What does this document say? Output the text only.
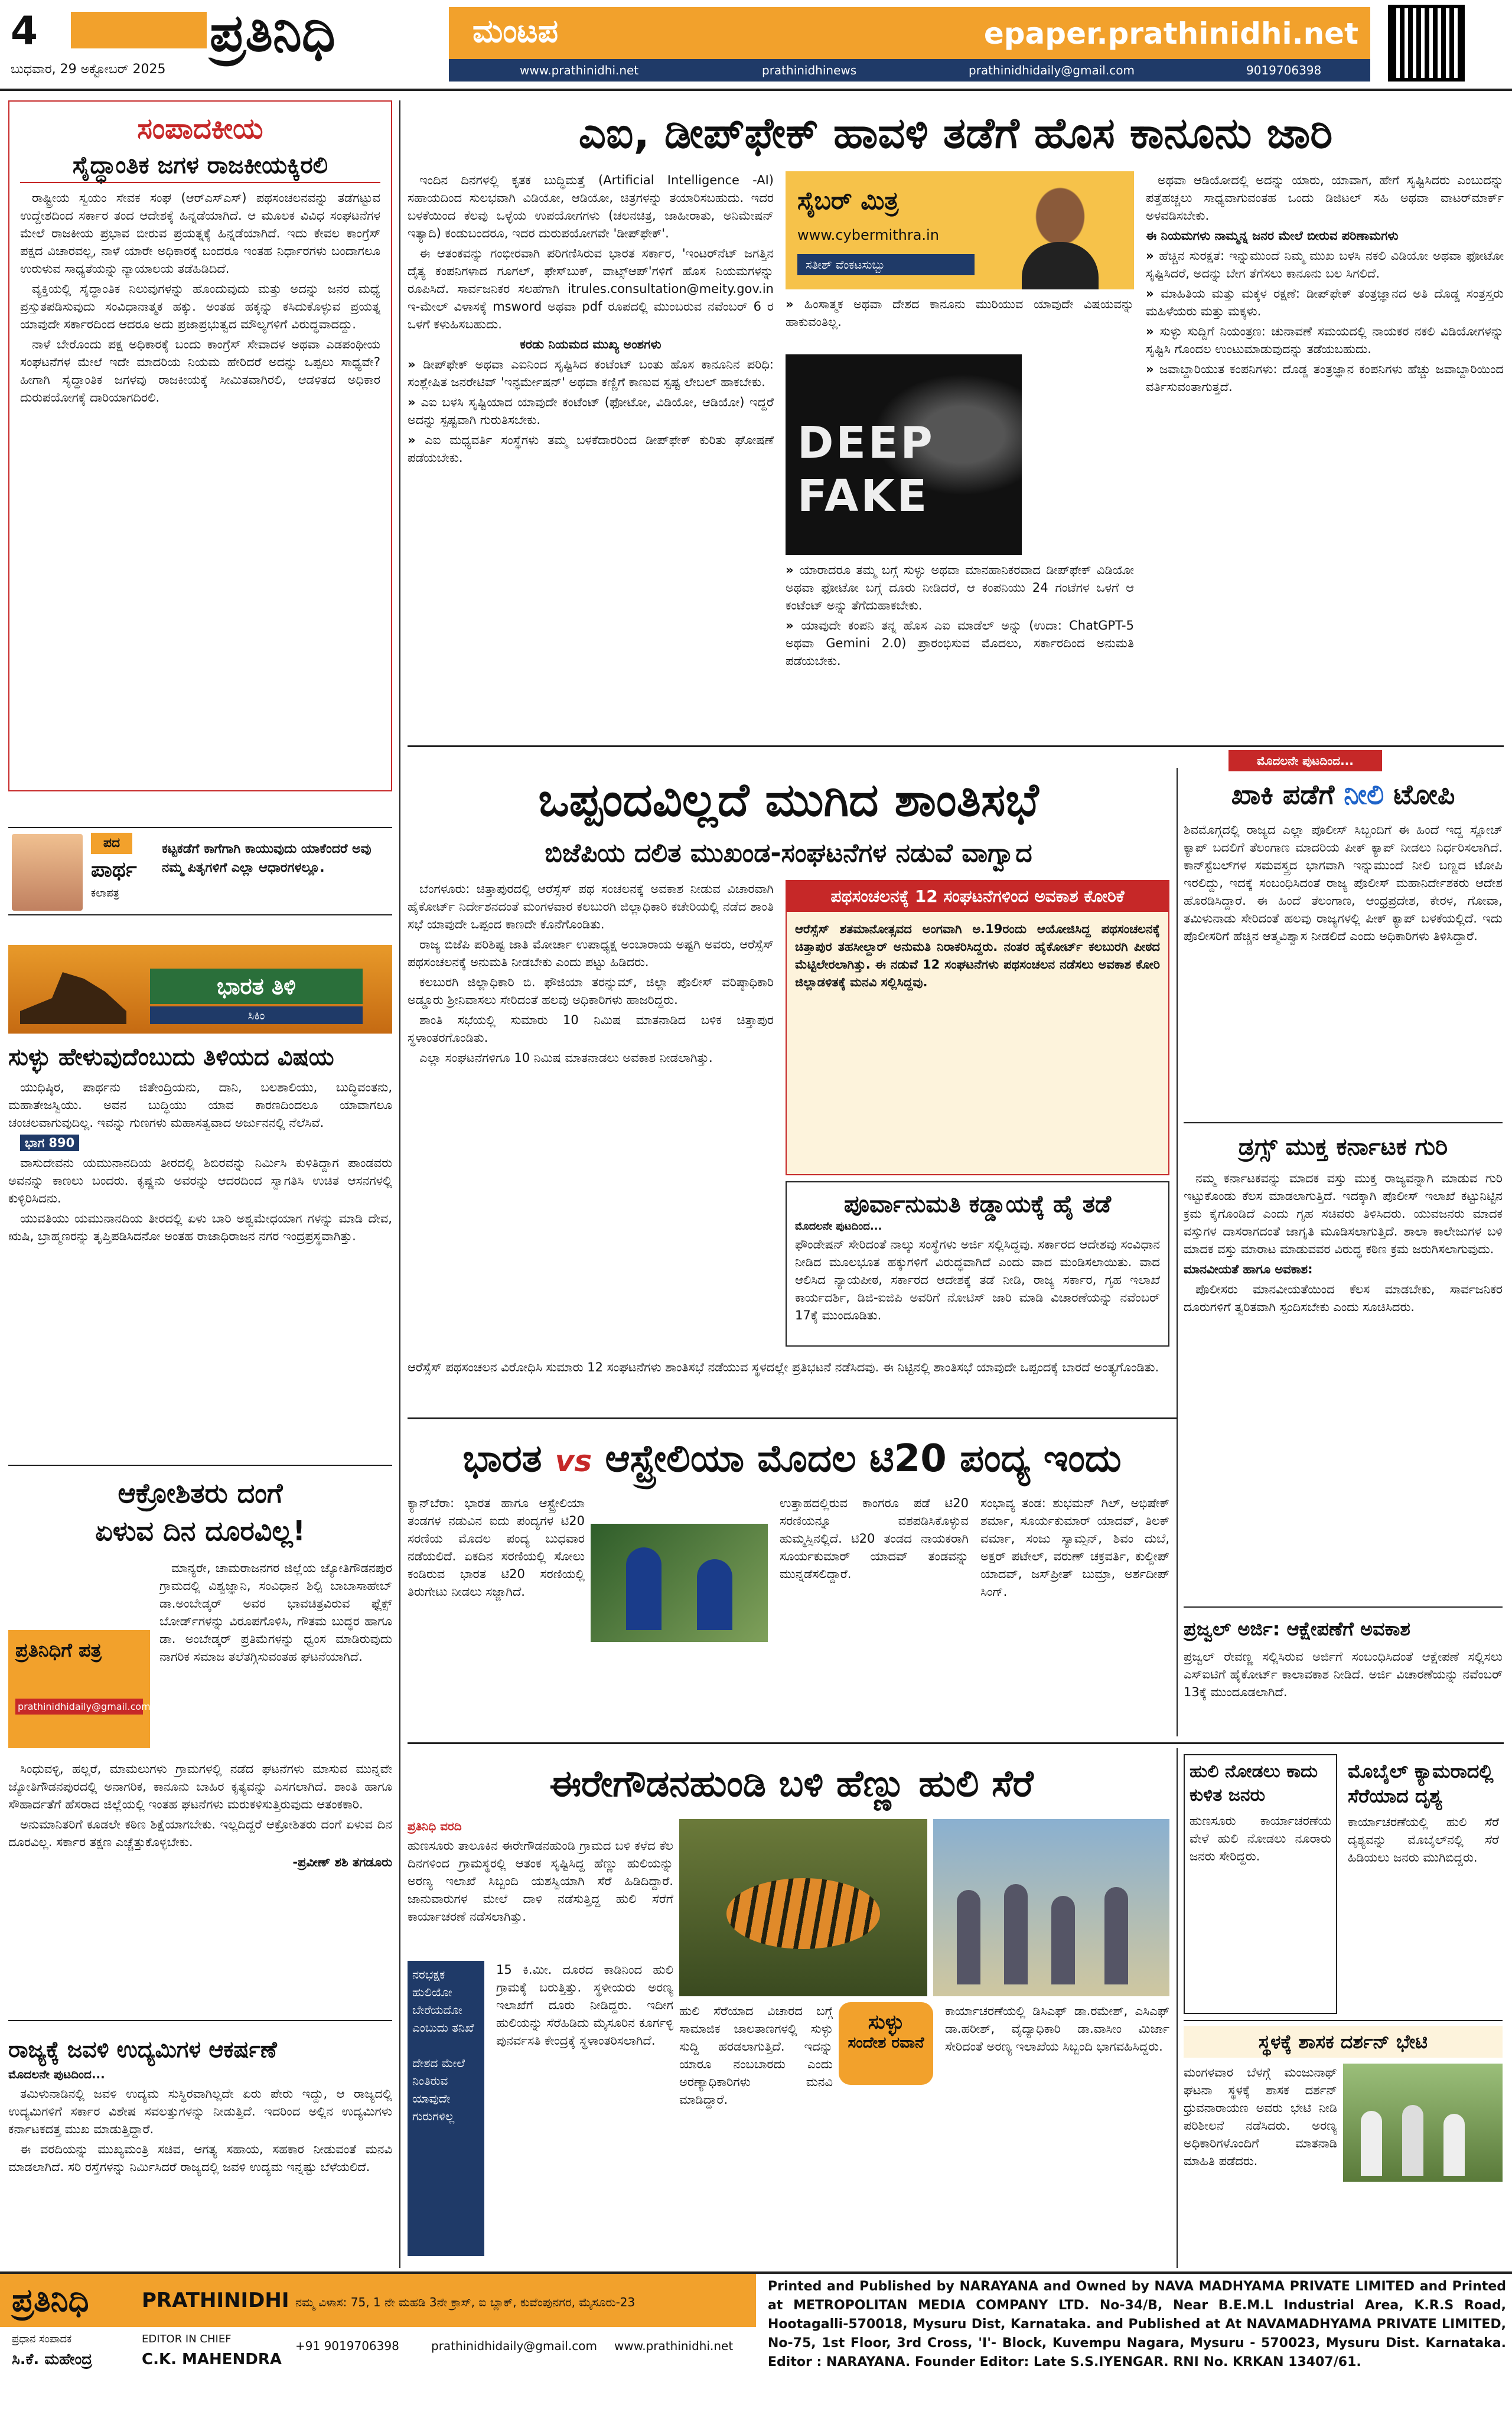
4	ಪ್ರತಿನಿಧಿ	ಮಂಟಪ	epaper.prathinidhi.net
ಬುಧವಾರ, 29 ಅಕ್ಟೋಬರ್ 2025	www.prathinidhi.net	prathinidhinews	prathinidhidaily@gmail.com	9019706398
ಸಂಪಾದಕೀಯ
ಸೈದ್ಧಾಂತಿಕ ಜಗಳ ರಾಜಕೀಯಕ್ಕಿರಲಿ

ರಾಷ್ಟ್ರೀಯ ಸ್ವಯಂ ಸೇವಕ ಸಂಘ (ಆರ್‌ಎಸ್‌ಎಸ್) ಪಥಸಂಚಲನವನ್ನು ತಡೆಗಟ್ಟುವ ಉದ್ದೇಶದಿಂದ ಸರ್ಕಾರ ತಂದ ಆದೇಶಕ್ಕೆ ಹಿನ್ನಡೆಯಾಗಿದೆ. ಆ ಮೂಲಕ ವಿವಿಧ ಸಂಘಟನೆಗಳ ಮೇಲೆ ರಾಜಕೀಯ ಪ್ರಭಾವ ಬೀರುವ ಪ್ರಯತ್ನಕ್ಕೆ ಹಿನ್ನಡೆಯಾಗಿದೆ. ಇದು ಕೇವಲ ಕಾಂಗ್ರೆಸ್ ಪಕ್ಷದ ವಿಚಾರವಲ್ಲ, ನಾಳೆ ಯಾರೇ ಅಧಿಕಾರಕ್ಕೆ ಬಂದರೂ ಇಂತಹ ನಿರ್ಧಾರಗಳು ಬಂದಾಗಲೂ ಉರುಳುವ ಸಾಧ್ಯತೆಯನ್ನು ನ್ಯಾಯಾಲಯ ತಡೆಹಿಡಿದಿದೆ.

ವ್ಯಕ್ತಿಯಲ್ಲಿ ಸೈದ್ಧಾಂತಿಕ ನಿಲುವುಗಳನ್ನು ಹೊಂದುವುದು ಮತ್ತು ಅದನ್ನು ಜನರ ಮಧ್ಯೆ ಪ್ರಸ್ತುತಪಡಿಸುವುದು ಸಂವಿಧಾನಾತ್ಮಕ ಹಕ್ಕು. ಅಂತಹ ಹಕ್ಕನ್ನು ಕಸಿದುಕೊಳ್ಳುವ ಪ್ರಯತ್ನ ಯಾವುದೇ ಸರ್ಕಾರದಿಂದ ಆದರೂ ಅದು ಪ್ರಜಾಪ್ರಭುತ್ವದ ಮೌಲ್ಯಗಳಿಗೆ ವಿರುದ್ಧವಾದದ್ದು.

ನಾಳೆ ಬೇರೊಂದು ಪಕ್ಷ ಅಧಿಕಾರಕ್ಕೆ ಬಂದು ಕಾಂಗ್ರೆಸ್ ಸೇವಾದಳ ಅಥವಾ ಎಡಪಂಥೀಯ ಸಂಘಟನೆಗಳ ಮೇಲೆ ಇದೇ ಮಾದರಿಯ ನಿಯಮ ಹೇರಿದರೆ ಅದನ್ನು ಒಪ್ಪಲು ಸಾಧ್ಯವೇ? ಹೀಗಾಗಿ ಸೈದ್ಧಾಂತಿಕ ಜಗಳವು ರಾಜಕೀಯಕ್ಕೆ ಸೀಮಿತವಾಗಿರಲಿ, ಆಡಳಿತದ ಅಧಿಕಾರ ದುರುಪಯೋಗಕ್ಕೆ ದಾರಿಯಾಗದಿರಲಿ.

ಪದ
ಪಾರ್ಥ
ಕಲಾಪತ್ರ
ಕಟ್ಟಕಡೆಗೆ ಕಾಗೆಗಾಗಿ ಕಾಯುವುದು ಯಾಕೆಂದರೆ ಅವು ನಮ್ಮ ಪಿತೃಗಳಿಗೆ ಎಲ್ಲಾ ಆಧಾರಗಳಲ್ಲೂ.
ಭಾರತ ತಿಳಿ
ಸಿಕಿಂ
ಸುಳ್ಳು ಹೇಳುವುದೆಂಬುದು ತಿಳಿಯದ ವಿಷಯ

ಯುಧಿಷ್ಠಿರ, ಪಾರ್ಥನು ಜಿತೇಂದ್ರಿಯನು, ದಾನಿ, ಬಲಶಾಲಿಯು, ಬುದ್ಧಿವಂತನು, ಮಹಾತೇಜಸ್ವಿಯು. ಅವನ ಬುದ್ಧಿಯು ಯಾವ ಕಾರಣದಿಂದಲೂ ಯಾವಾಗಲೂ ಚಂಚಲವಾಗುವುದಿಲ್ಲ. ಇವನ್ನು ಗುಣಗಳು ಮಹಾಸತ್ವವಾದ ಅರ್ಜುನನಲ್ಲಿ ನೆಲೆಸಿವೆ.

ಭಾಗ 890

ವಾಸುದೇವನು ಯಮುನಾನದಿಯ ತೀರದಲ್ಲಿ ಶಿಬಿರವನ್ನು ನಿರ್ಮಿಸಿ ಕುಳಿತಿದ್ದಾಗ ಪಾಂಡವರು ಅವನನ್ನು ಕಾಣಲು ಬಂದರು. ಕೃಷ್ಣನು ಅವರನ್ನು ಆದರದಿಂದ ಸ್ವಾಗತಿಸಿ ಉಚಿತ ಆಸನಗಳಲ್ಲಿ ಕುಳ್ಳಿರಿಸಿದನು.

ಯುವತಿಯು ಯಮುನಾನದಿಯ ತೀರದಲ್ಲಿ ಏಳು ಬಾರಿ ಅಶ್ವಮೇಧಯಾಗ ಗಳನ್ನು ಮಾಡಿ ದೇವ, ಋಷಿ, ಬ್ರಾಹ್ಮಣರನ್ನು ತೃಪ್ತಿಪಡಿಸಿದನೋ ಅಂತಹ ರಾಜಾಧಿರಾಜನ ನಗರ ಇಂದ್ರಪ್ರಸ್ಥವಾಗಿತ್ತು.

ಆಕ್ರೋಶಿತರು ದಂಗೆ
ಏಳುವ ದಿನ ದೂರವಿಲ್ಲ!
ಪ್ರತಿನಿಧಿಗೆ ಪತ್ರ
prathinidhidaily@gmail.com

ಮಾನ್ಯರೇ, ಚಾಮರಾಜನಗರ ಜಿಲ್ಲೆಯ ಜ್ಯೋತಿಗೌಡನಪುರ ಗ್ರಾಮದಲ್ಲಿ ವಿಶ್ವಜ್ಞಾನಿ, ಸಂವಿಧಾನ ಶಿಲ್ಪಿ ಬಾಬಾಸಾಹೇಬ್ ಡಾ.ಅಂಬೇಡ್ಕರ್ ಅವರ ಭಾವಚಿತ್ರವಿರುವ ಫ್ಲೆಕ್ಸ್ ಬೋರ್ಡ್‌ಗಳನ್ನು ವಿರೂಪಗೊಳಿಸಿ, ಗೌತಮ ಬುದ್ಧರ ಹಾಗೂ ಡಾ. ಅಂಬೇಡ್ಕರ್ ಪ್ರತಿಮೆಗಳನ್ನು ಧ್ವಂಸ ಮಾಡಿರುವುದು ನಾಗರಿಕ ಸಮಾಜ ತಲೆತಗ್ಗಿಸುವಂತಹ ಘಟನೆಯಾಗಿದೆ.

ಸಿಂಧುವಳ್ಳಿ, ಹಲ್ಲರೆ, ಮಾಮಲುಗಳು ಗ್ರಾಮಗಳಲ್ಲಿ ನಡೆದ ಘಟನೆಗಳು ಮಾಸುವ ಮುನ್ನವೇ ಜ್ಯೋತಿಗೌಡನಪುರದಲ್ಲಿ ಅನಾಗರಿಕ, ಕಾನೂನು ಬಾಹಿರ ಕೃತ್ಯವನ್ನು ಎಸಗಲಾಗಿದೆ. ಶಾಂತಿ ಹಾಗೂ ಸೌಹಾರ್ದತೆಗೆ ಹೆಸರಾದ ಜಿಲ್ಲೆಯಲ್ಲಿ ಇಂತಹ ಘಟನೆಗಳು ಮರುಕಳಿಸುತ್ತಿರುವುದು ಆತಂಕಕಾರಿ.

ಅನುಮಾನಿತರಿಗೆ ಕೂಡಲೇ ಕಠಿಣ ಶಿಕ್ಷೆಯಾಗಬೇಕು. ಇಲ್ಲದಿದ್ದರೆ ಆಕ್ರೋಶಿತರು ದಂಗೆ ಏಳುವ ದಿನ ದೂರವಿಲ್ಲ. ಸರ್ಕಾರ ತಕ್ಷಣ ಎಚ್ಚೆತ್ತುಕೊಳ್ಳಬೇಕು.

-ಪ್ರವೀಣ್ ಶಶಿ ತಗಡೂರು

ರಾಜ್ಯಕ್ಕೆ ಜವಳಿ ಉದ್ಯಮಿಗಳ ಆಕರ್ಷಣೆ
ಮೊದಲನೇ ಪುಟದಿಂದ...

ತಮಿಳುನಾಡಿನಲ್ಲಿ ಜವಳಿ ಉದ್ಯಮ ಸುಸ್ಥಿರವಾಗಿಲ್ಲದೇ ಏರು ಪೇರು ಇದ್ದು, ಆ ರಾಜ್ಯದಲ್ಲಿ ಉದ್ಯಮಿಗಳಿಗೆ ಸರ್ಕಾರ ವಿಶೇಷ ಸವಲತ್ತುಗಳನ್ನು ನೀಡುತ್ತಿದೆ. ಇದರಿಂದ ಅಲ್ಲಿನ ಉದ್ಯಮಿಗಳು ಕರ್ನಾಟಕದತ್ತ ಮುಖ ಮಾಡುತ್ತಿದ್ದಾರೆ.

ಈ ವರದಿಯನ್ನು ಮುಖ್ಯಮಂತ್ರಿ ಸಚಿವ, ಆಗತ್ಯ ಸಹಾಯ, ಸಹಕಾರ ನೀಡುವಂತೆ ಮನವಿ ಮಾಡಲಾಗಿದೆ. ಸರಿ ರಸ್ತೆಗಳನ್ನು ನಿರ್ಮಿಸಿದರೆ ರಾಜ್ಯದಲ್ಲಿ ಜವಳಿ ಉದ್ಯಮ ಇನ್ನಷ್ಟು ಬೆಳೆಯಲಿದೆ.

ಎಐ, ಡೀಪ್‌ಫೇಕ್ ಹಾವಳಿ ತಡೆಗೆ ಹೊಸ ಕಾನೂನು ಜಾರಿ

ಇಂದಿನ ದಿನಗಳಲ್ಲಿ ಕೃತಕ ಬುದ್ಧಿಮತ್ತೆ (Artificial Intelligence -AI) ಸಹಾಯದಿಂದ ಸುಲಭವಾಗಿ ವಿಡಿಯೋ, ಆಡಿಯೋ, ಚಿತ್ರಗಳನ್ನು ತಯಾರಿಸಬಹುದು. ಇದರ ಬಳಕೆಯಿಂದ ಕೆಲವು ಒಳ್ಳೆಯ ಉಪಯೋಗಗಳು (ಚಲನಚಿತ್ರ, ಜಾಹೀರಾತು, ಅನಿಮೇಷನ್ ಇತ್ಯಾದಿ) ಕಂಡುಬಂದರೂ, ಇದರ ದುರುಪಯೋಗವೇ 'ಡೀಪ್‌ಫೇಕ್'.

ಈ ಆತಂಕವನ್ನು ಗಂಭೀರವಾಗಿ ಪರಿಗಣಿಸಿರುವ ಭಾರತ ಸರ್ಕಾರ, 'ಇಂಟರ್‌ನೆಟ್ ಜಗತ್ತಿನ ದೈತ್ಯ ಕಂಪನಿಗಳಾದ ಗೂಗಲ್, ಫೇಸ್‌ಬುಕ್, ವಾಟ್ಸ್‌ಆಪ್'ಗಳಿಗೆ ಹೊಸ ನಿಯಮಗಳನ್ನು ರೂಪಿಸಿದೆ. ಸಾರ್ವಜನಿಕರ ಸಲಹೆಗಾಗಿ itrules.consultation@meity.gov.in ಇ-ಮೇಲ್ ವಿಳಾಸಕ್ಕೆ msword ಅಥವಾ pdf ರೂಪದಲ್ಲಿ ಮುಂಬರುವ ನವೆಂಬರ್ 6 ರ ಒಳಗೆ ಕಳುಹಿಸಬಹುದು.

ಕರಡು ನಿಯಮದ ಮುಖ್ಯ ಅಂಶಗಳು

» ಡೀಪ್‌ಫೇಕ್ ಅಥವಾ ಎಐನಿಂದ ಸೃಷ್ಟಿಸಿದ ಕಂಟೆಂಟ್ ಬಂತು ಹೊಸ ಕಾನೂನಿನ ಪರಿಧಿ: ಸಂಶ್ಲೇಷಿತ ಜನರೇಟಿವ್ 'ಇನ್ಫರ್ಮೇಷನ್' ಅಥವಾ ಕಣ್ಣಿಗೆ ಕಾಣುವ ಸ್ಪಷ್ಟ ಲೇಬಲ್ ಹಾಕಬೇಕು.

» ಎಐ ಬಳಸಿ ಸೃಷ್ಟಿಯಾದ ಯಾವುದೇ ಕಂಟೆಂಟ್ (ಫೋಟೋ, ವಿಡಿಯೋ, ಆಡಿಯೋ) ಇದ್ದರೆ ಅದನ್ನು ಸ್ಪಷ್ಟವಾಗಿ ಗುರುತಿಸಬೇಕು.

» ಎಐ ಮಧ್ಯವರ್ತಿ ಸಂಸ್ಥೆಗಳು ತಮ್ಮ ಬಳಕೆದಾರರಿಂದ ಡೀಪ್‌ಫೇಕ್ ಕುರಿತು ಘೋಷಣೆ ಪಡೆಯಬೇಕು.

ಸೈಬರ್ ಮಿತ್ರ
www.cybermithra.in
ಸತೀಶ್ ವೆಂಕಟಸುಬ್ಬು

» ಹಿಂಸಾತ್ಮಕ ಅಥವಾ ದೇಶದ ಕಾನೂನು ಮುರಿಯುವ ಯಾವುದೇ ವಿಷಯವನ್ನು ಹಾಕುವಂತಿಲ್ಲ.

DEEP
FAKE

» ಯಾರಾದರೂ ತಮ್ಮ ಬಗ್ಗೆ ಸುಳ್ಳು ಅಥವಾ ಮಾನಹಾನಿಕರವಾದ ಡೀಪ್‌ಫೇಕ್ ವಿಡಿಯೋ ಅಥವಾ ಫೋಟೋ ಬಗ್ಗೆ ದೂರು ನೀಡಿದರೆ, ಆ ಕಂಪನಿಯು 24 ಗಂಟೆಗಳ ಒಳಗೆ ಆ ಕಂಟೆಂಟ್ ಅನ್ನು ತೆಗೆದುಹಾಕಬೇಕು.

» ಯಾವುದೇ ಕಂಪನಿ ತನ್ನ ಹೊಸ ಎಐ ಮಾಡೆಲ್ ಅನ್ನು (ಉದಾ: ChatGPT-5 ಅಥವಾ Gemini 2.0) ಪ್ರಾರಂಭಿಸುವ ಮೊದಲು, ಸರ್ಕಾರದಿಂದ ಅನುಮತಿ ಪಡೆಯಬೇಕು.

ಅಥವಾ ಆಡಿಯೋದಲ್ಲಿ ಅದನ್ನು ಯಾರು, ಯಾವಾಗ, ಹೇಗೆ ಸೃಷ್ಟಿಸಿದರು ಎಂಬುದನ್ನು ಪತ್ತೆಹಚ್ಚಲು ಸಾಧ್ಯವಾಗುವಂತಹ ಒಂದು ಡಿಜಿಟಲ್ ಸಹಿ ಅಥವಾ ವಾಟರ್‌ಮಾರ್ಕ್ ಅಳವಡಿಸಬೇಕು.

ಈ ನಿಯಮಗಳು ನಾಮ್ಮನ್ನ ಜನರ ಮೇಲೆ ಬೀರುವ ಪರಿಣಾಮಗಳು

» ಹೆಚ್ಚಿನ ಸುರಕ್ಷತೆ: ಇನ್ನುಮುಂದೆ ನಿಮ್ಮ ಮುಖ ಬಳಸಿ ನಕಲಿ ವಿಡಿಯೋ ಅಥವಾ ಫೋಟೋ ಸೃಷ್ಟಿಸಿದರೆ, ಅದನ್ನು ಬೇಗ ತೆಗೆಸಲು ಕಾನೂನು ಬಲ ಸಿಗಲಿದೆ.

» ಮಾಹಿತಿಯ ಮತ್ತು ಮಕ್ಕಳ ರಕ್ಷಣೆ: ಡೀಪ್‌ಫೇಕ್ ತಂತ್ರಜ್ಞಾನದ ಅತಿ ದೊಡ್ಡ ಸಂತ್ರಸ್ತರು ಮಹಿಳೆಯರು ಮತ್ತು ಮಕ್ಕಳು.

» ಸುಳ್ಳು ಸುದ್ದಿಗೆ ನಿಯಂತ್ರಣ: ಚುನಾವಣೆ ಸಮಯದಲ್ಲಿ ನಾಯಕರ ನಕಲಿ ವಿಡಿಯೋಗಳನ್ನು ಸೃಷ್ಟಿಸಿ ಗೊಂದಲ ಉಂಟುಮಾಡುವುದನ್ನು ತಡೆಯಬಹುದು.

» ಜವಾಬ್ದಾರಿಯುತ ಕಂಪನಿಗಳು: ದೊಡ್ಡ ತಂತ್ರಜ್ಞಾನ ಕಂಪನಿಗಳು ಹೆಚ್ಚು ಜವಾಬ್ದಾರಿಯಿಂದ ವರ್ತಿಸುವಂತಾಗುತ್ತದೆ.

ಮೊದಲನೇ ಪುಟದಿಂದ...
ಒಪ್ಪಂದವಿಲ್ಲದೆ ಮುಗಿದ ಶಾಂತಿಸಭೆ
ಬಿಜೆಪಿಯ ದಲಿತ ಮುಖಂಡ-ಸಂಘಟನೆಗಳ ನಡುವೆ ವಾಗ್ವಾದ

ಬೆಂಗಳೂರು: ಚಿತ್ತಾಪುರದಲ್ಲಿ ಆರೆಸ್ಸೆಸ್ ಪಥ ಸಂಚಲನಕ್ಕೆ ಅವಕಾಶ ನೀಡುವ ವಿಚಾರವಾಗಿ ಹೈಕೋರ್ಟ್ ನಿರ್ದೇಶನದಂತೆ ಮಂಗಳವಾರ ಕಲಬುರಗಿ ಜಿಲ್ಲಾಧಿಕಾರಿ ಕಚೇರಿಯಲ್ಲಿ ನಡೆದ ಶಾಂತಿ ಸಭೆ ಯಾವುದೇ ಒಪ್ಪಂದ ಕಾಣದೇ ಕೊನೆಗೊಂಡಿತು.

ರಾಜ್ಯ ಬಿಜೆಪಿ ಪರಿಶಿಷ್ಟ ಜಾತಿ ಮೋರ್ಚಾ ಉಪಾಧ್ಯಕ್ಷ ಅಂಬಾರಾಯ ಅಷ್ಟಗಿ ಅವರು, ಆರೆಸ್ಸೆಸ್ ಪಥಸಂಚಲನಕ್ಕೆ ಅನುಮತಿ ನೀಡಬೇಕು ಎಂದು ಪಟ್ಟು ಹಿಡಿದರು.

ಕಲಬುರಗಿ ಜಿಲ್ಲಾಧಿಕಾರಿ ಬಿ. ಫೌಜಿಯಾ ತರನ್ನುಮ್, ಜಿಲ್ಲಾ ಪೊಲೀಸ್ ವರಿಷ್ಠಾಧಿಕಾರಿ ಅಡ್ಡೂರು ಶ್ರೀನಿವಾಸಲು ಸೇರಿದಂತೆ ಹಲವು ಅಧಿಕಾರಿಗಳು ಹಾಜರಿದ್ದರು.

ಶಾಂತಿ ಸಭೆಯಲ್ಲಿ ಸುಮಾರು 10 ನಿಮಿಷ ಮಾತನಾಡಿದ ಬಳಿಕ ಚಿತ್ತಾಪುರ ಸ್ಥಳಾಂತರಗೊಂಡಿತು.

ಎಲ್ಲಾ ಸಂಘಟನೆಗಳಿಗೂ 10 ನಿಮಿಷ ಮಾತನಾಡಲು ಅವಕಾಶ ನೀಡಲಾಗಿತ್ತು.

ಪಥಸಂಚಲನಕ್ಕೆ 12 ಸಂಘಟನೆಗಳಿಂದ ಅವಕಾಶ ಕೋರಿಕೆ
ಆರೆಸ್ಸೆಸ್ ಶತಮಾನೋತ್ಸವದ ಅಂಗವಾಗಿ ಅ.19ರಂದು ಆಯೋಜಿಸಿದ್ದ ಪಥಸಂಚಲನಕ್ಕೆ ಚಿತ್ತಾಪುರ ತಹಸೀಲ್ದಾರ್ ಅನುಮತಿ ನಿರಾಕರಿಸಿದ್ದರು. ನಂತರ ಹೈಕೋರ್ಟ್ ಕಲಬುರಗಿ ಪೀಠದ ಮೆಟ್ಟಿಲೇರಲಾಗಿತ್ತು. ಈ ನಡುವೆ 12 ಸಂಘಟನೆಗಳು ಪಥಸಂಚಲನ ನಡೆಸಲು ಅವಕಾಶ ಕೋರಿ ಜಿಲ್ಲಾಡಳಿತಕ್ಕೆ ಮನವಿ ಸಲ್ಲಿಸಿದ್ದವು.
ಪೂರ್ವಾನುಮತಿ ಕಡ್ಡಾಯಕ್ಕೆ ಹೈ ತಡೆ
ಮೊದಲನೇ ಪುಟದಿಂದ...
ಫೌಂಡೇಷನ್ ಸೇರಿದಂತೆ ನಾಲ್ಕು ಸಂಸ್ಥೆಗಳು ಅರ್ಜಿ ಸಲ್ಲಿಸಿದ್ದವು. ಸರ್ಕಾರದ ಆದೇಶವು ಸಂವಿಧಾನ ನೀಡಿದ ಮೂಲಭೂತ ಹಕ್ಕುಗಳಿಗೆ ವಿರುದ್ಧವಾಗಿದೆ ಎಂದು ವಾದ ಮಂಡಿಸಲಾಯಿತು. ವಾದ ಆಲಿಸಿದ ನ್ಯಾಯಪೀಠ, ಸರ್ಕಾರದ ಆದೇಶಕ್ಕೆ ತಡೆ ನೀಡಿ, ರಾಜ್ಯ ಸರ್ಕಾರ, ಗೃಹ ಇಲಾಖೆ ಕಾರ್ಯದರ್ಶಿ, ಡಿಜಿ-ಐಜಿಪಿ ಅವರಿಗೆ ನೋಟಿಸ್ ಜಾರಿ ಮಾಡಿ ವಿಚಾರಣೆಯನ್ನು ನವೆಂಬರ್ 17ಕ್ಕೆ ಮುಂದೂಡಿತು.
ಆರೆಸ್ಸೆಸ್ ಪಥಸಂಚಲನ ವಿರೋಧಿಸಿ ಸುಮಾರು 12 ಸಂಘಟನೆಗಳು ಶಾಂತಿಸಭೆ ನಡೆಯುವ ಸ್ಥಳದಲ್ಲೇ ಪ್ರತಿಭಟನೆ ನಡೆಸಿದವು. ಈ ನಿಟ್ಟಿನಲ್ಲಿ ಶಾಂತಿಸಭೆ ಯಾವುದೇ ಒಪ್ಪಂದಕ್ಕೆ ಬಾರದೆ ಅಂತ್ಯಗೊಂಡಿತು.
ಖಾಕಿ ಪಡೆಗೆ ನೀಲಿ ಟೋಪಿ
ಶಿವಮೊಗ್ಗದಲ್ಲಿ ರಾಜ್ಯದ ಎಲ್ಲಾ ಪೊಲೀಸ್ ಸಿಬ್ಬಂದಿಗೆ ಈ ಹಿಂದೆ ಇದ್ದ ಸ್ಲೋಚ್ ಕ್ಯಾಪ್ ಬದಲಿಗೆ ತೆಲಂಗಾಣ ಮಾದರಿಯ ಪೀಕ್ ಕ್ಯಾಪ್ ನೀಡಲು ನಿರ್ಧರಿಸಲಾಗಿದೆ. ಕಾನ್‌ಸ್ಟೆಬಲ್‌ಗಳ ಸಮವಸ್ತ್ರದ ಭಾಗವಾಗಿ ಇನ್ನುಮುಂದೆ ನೀಲಿ ಬಣ್ಣದ ಟೋಪಿ ಇರಲಿದ್ದು, ಇದಕ್ಕೆ ಸಂಬಂಧಿಸಿದಂತೆ ರಾಜ್ಯ ಪೊಲೀಸ್ ಮಹಾನಿರ್ದೇಶಕರು ಆದೇಶ ಹೊರಡಿಸಿದ್ದಾರೆ. ಈ ಹಿಂದೆ ತೆಲಂಗಾಣ, ಆಂಧ್ರಪ್ರದೇಶ, ಕೇರಳ, ಗೋವಾ, ತಮಿಳುನಾಡು ಸೇರಿದಂತೆ ಹಲವು ರಾಜ್ಯಗಳಲ್ಲಿ ಪೀಕ್ ಕ್ಯಾಪ್ ಬಳಕೆಯಲ್ಲಿದೆ. ಇದು ಪೊಲೀಸರಿಗೆ ಹೆಚ್ಚಿನ ಆತ್ಮವಿಶ್ವಾಸ ನೀಡಲಿದೆ ಎಂದು ಅಧಿಕಾರಿಗಳು ತಿಳಿಸಿದ್ದಾರೆ.
ಡ್ರಗ್ಸ್ ಮುಕ್ತ ಕರ್ನಾಟಕ ಗುರಿ

ನಮ್ಮ ಕರ್ನಾಟಕವನ್ನು ಮಾದಕ ವಸ್ತು ಮುಕ್ತ ರಾಜ್ಯವನ್ನಾಗಿ ಮಾಡುವ ಗುರಿ ಇಟ್ಟುಕೊಂಡು ಕೆಲಸ ಮಾಡಲಾಗುತ್ತಿದೆ. ಇದಕ್ಕಾಗಿ ಪೊಲೀಸ್ ಇಲಾಖೆ ಕಟ್ಟುನಿಟ್ಟಿನ ಕ್ರಮ ಕೈಗೊಂಡಿದೆ ಎಂದು ಗೃಹ ಸಚಿವರು ತಿಳಿಸಿದರು. ಯುವಜನರು ಮಾದಕ ವಸ್ತುಗಳ ದಾಸರಾಗದಂತೆ ಜಾಗೃತಿ ಮೂಡಿಸಲಾಗುತ್ತಿದೆ. ಶಾಲಾ ಕಾಲೇಜುಗಳ ಬಳಿ ಮಾದಕ ವಸ್ತು ಮಾರಾಟ ಮಾಡುವವರ ವಿರುದ್ಧ ಕಠಿಣ ಕ್ರಮ ಜರುಗಿಸಲಾಗುವುದು.

ಮಾನವೀಯತೆ ಹಾಗೂ ಅವಕಾಶ:

ಪೊಲೀಸರು ಮಾನವೀಯತೆಯಿಂದ ಕೆಲಸ ಮಾಡಬೇಕು, ಸಾರ್ವಜನಿಕರ ದೂರುಗಳಿಗೆ ತ್ವರಿತವಾಗಿ ಸ್ಪಂದಿಸಬೇಕು ಎಂದು ಸೂಚಿಸಿದರು.

ಪ್ರಜ್ವಲ್ ಅರ್ಜಿ: ಆಕ್ಷೇಪಣೆಗೆ ಅವಕಾಶ
ಪ್ರಜ್ವಲ್ ರೇವಣ್ಣ ಸಲ್ಲಿಸಿರುವ ಅರ್ಜಿಗೆ ಸಂಬಂಧಿಸಿದಂತೆ ಆಕ್ಷೇಪಣೆ ಸಲ್ಲಿಸಲು ಎಸ್‌ಐಟಿಗೆ ಹೈಕೋರ್ಟ್ ಕಾಲಾವಕಾಶ ನೀಡಿದೆ. ಅರ್ಜಿ ವಿಚಾರಣೆಯನ್ನು ನವೆಂಬರ್ 13ಕ್ಕೆ ಮುಂದೂಡಲಾಗಿದೆ.
ಭಾರತ vs ಆಸ್ಟ್ರೇಲಿಯಾ ಮೊದಲ ಟಿ20 ಪಂದ್ಯ ಇಂದು
ಕ್ಯಾನ್‌ಬೆರಾ: ಭಾರತ ಹಾಗೂ ಆಸ್ಟ್ರೇಲಿಯಾ ತಂಡಗಳ ನಡುವಿನ ಐದು ಪಂದ್ಯಗಳ ಟಿ20 ಸರಣಿಯ ಮೊದಲ ಪಂದ್ಯ ಬುಧವಾರ ನಡೆಯಲಿದೆ. ಏಕದಿನ ಸರಣಿಯಲ್ಲಿ ಸೋಲು ಕಂಡಿರುವ ಭಾರತ ಟಿ20 ಸರಣಿಯಲ್ಲಿ ತಿರುಗೇಟು ನೀಡಲು ಸಜ್ಜಾಗಿದೆ.
ಉತ್ತಾಹದಲ್ಲಿರುವ ಕಾಂಗರೂ ಪಡೆ ಟಿ20 ಸರಣಿಯನ್ನೂ ವಶಪಡಿಸಿಕೊಳ್ಳುವ ಹುಮ್ಮಸ್ಸಿನಲ್ಲಿದೆ. ಟಿ20 ತಂಡದ ನಾಯಕರಾಗಿ ಸೂರ್ಯಕುಮಾರ್ ಯಾದವ್ ತಂಡವನ್ನು ಮುನ್ನಡೆಸಲಿದ್ದಾರೆ.
ಸಂಭಾವ್ಯ ತಂಡ: ಶುಭಮನ್ ಗಿಲ್, ಅಭಿಷೇಕ್ ಶರ್ಮಾ, ಸೂರ್ಯಕುಮಾರ್ ಯಾದವ್, ತಿಲಕ್ ವರ್ಮಾ, ಸಂಜು ಸ್ಯಾಮ್ಸನ್, ಶಿವಂ ದುಬೆ, ಅಕ್ಷರ್ ಪಟೇಲ್, ವರುಣ್ ಚಕ್ರವರ್ತಿ, ಕುಲ್ದೀಪ್ ಯಾದವ್, ಜಸ್‌ಪ್ರೀತ್ ಬುಮ್ರಾ, ಅರ್ಶದೀಪ್ ಸಿಂಗ್.
ಈರೇಗೌಡನಹುಂಡಿ ಬಳಿ ಹೆಣ್ಣು ಹುಲಿ ಸೆರೆ
ಪ್ರತಿನಿಧಿ ವರದಿ
ಹುಣಸೂರು ತಾಲೂಕಿನ ಈರೇಗೌಡನಹುಂಡಿ ಗ್ರಾಮದ ಬಳಿ ಕಳೆದ ಕೆಲ ದಿನಗಳಿಂದ ಗ್ರಾಮಸ್ಥರಲ್ಲಿ ಆತಂಕ ಸೃಷ್ಟಿಸಿದ್ದ ಹೆಣ್ಣು ಹುಲಿಯನ್ನು ಅರಣ್ಯ ಇಲಾಖೆ ಸಿಬ್ಬಂದಿ ಯಶಸ್ವಿಯಾಗಿ ಸೆರೆ ಹಿಡಿದಿದ್ದಾರೆ. ಜಾನುವಾರುಗಳ ಮೇಲೆ ದಾಳಿ ನಡೆಸುತ್ತಿದ್ದ ಹುಲಿ ಸೆರೆಗೆ ಕಾರ್ಯಾಚರಣೆ ನಡೆಸಲಾಗಿತ್ತು.
ನರಭಕ್ಷಕ ಹುಲಿಯೋ ಬೇರೆಯದೋ ಎಂಬುದು ತನಿಖೆ
ದೇಶದ ಮೇಲೆ ನಿಂತಿರುವ ಯಾವುದೇ ಗುರುಗಳಿಲ್ಲ
15 ಕಿ.ಮೀ. ದೂರದ ಕಾಡಿನಿಂದ ಹುಲಿ ಗ್ರಾಮಕ್ಕೆ ಬರುತ್ತಿತ್ತು. ಸ್ಥಳೀಯರು ಅರಣ್ಯ ಇಲಾಖೆಗೆ ದೂರು ನೀಡಿದ್ದರು. ಇದೀಗ ಹುಲಿಯನ್ನು ಸೆರೆಹಿಡಿದು ಮೈಸೂರಿನ ಕೂರ್ಗಳ್ಳಿ ಪುನರ್ವಸತಿ ಕೇಂದ್ರಕ್ಕೆ ಸ್ಥಳಾಂತರಿಸಲಾಗಿದೆ.
ಹುಲಿ ಸೆರೆಯಾದ ವಿಚಾರದ ಬಗ್ಗೆ ಸಾಮಾಜಿಕ ಜಾಲತಾಣಗಳಲ್ಲಿ ಸುಳ್ಳು ಸುದ್ದಿ ಹರಡಲಾಗುತ್ತಿದೆ. ಇದನ್ನು ಯಾರೂ ನಂಬಬಾರದು ಎಂದು ಅರಣ್ಯಾಧಿಕಾರಿಗಳು ಮನವಿ ಮಾಡಿದ್ದಾರೆ.
ಸುಳ್ಳು
ಸಂದೇಶ ರವಾನೆ
ಕಾರ್ಯಾಚರಣೆಯಲ್ಲಿ ಡಿಸಿಎಫ್ ಡಾ.ರಮೇಶ್, ಎಸಿಎಫ್ ಡಾ.ಹರೀಶ್, ವೈದ್ಯಾಧಿಕಾರಿ ಡಾ.ವಾಸೀಂ ಮಿರ್ಜಾ ಸೇರಿದಂತೆ ಅರಣ್ಯ ಇಲಾಖೆಯ ಸಿಬ್ಬಂದಿ ಭಾಗವಹಿಸಿದ್ದರು.
ಹುಲಿ ನೋಡಲು ಕಾದು ಕುಳಿತ ಜನರು
ಹುಣಸೂರು ಕಾರ್ಯಾಚರಣೆಯ ವೇಳೆ ಹುಲಿ ನೋಡಲು ನೂರಾರು ಜನರು ಸೇರಿದ್ದರು.
ಮೊಬೈಲ್ ಕ್ಯಾಮರಾದಲ್ಲಿ ಸೆರೆಯಾದ ದೃಶ್ಯ
ಕಾರ್ಯಾಚರಣೆಯಲ್ಲಿ ಹುಲಿ ಸೆರೆ ದೃಶ್ಯವನ್ನು ಮೊಬೈಲ್‌ನಲ್ಲಿ ಸೆರೆ ಹಿಡಿಯಲು ಜನರು ಮುಗಿಬಿದ್ದರು.
ಸ್ಥಳಕ್ಕೆ ಶಾಸಕ ದರ್ಶನ್ ಭೇಟಿ
ಮಂಗಳವಾರ ಬೆಳಗ್ಗೆ ಮಂಜುನಾಥ್ ಘಟನಾ ಸ್ಥಳಕ್ಕೆ ಶಾಸಕ ದರ್ಶನ್ ಧ್ರುವನಾರಾಯಣ ಅವರು ಭೇಟಿ ನೀಡಿ ಪರಿಶೀಲನೆ ನಡೆಸಿದರು. ಅರಣ್ಯ ಅಧಿಕಾರಿಗಳೊಂದಿಗೆ ಮಾತನಾಡಿ ಮಾಹಿತಿ ಪಡೆದರು.
ಪ್ರತಿನಿಧಿ	PRATHINIDHI ನಮ್ಮ ವಿಳಾಸ: 75, 1 ನೇ ಮಹಡಿ 3ನೇ ಕ್ರಾಸ್, ಐ ಬ್ಲಾಕ್, ಕುವೆಂಪುನಗರ, ಮೈಸೂರು-23
ಪ್ರಧಾನ ಸಂಪಾದಕ
ಸಿ.ಕೆ. ಮಹೇಂದ್ರ
EDITOR IN CHIEF
C.K. MAHENDRA
+91 9019706398	prathinidhidaily@gmail.com	www.prathinidhi.net
Printed and Published by NARAYANA and Owned by NAVA MADHYAMA PRIVATE LIMITED and Printed at METROPOLITAN MEDIA COMPANY LTD. No-34/B, Near B.E.M.L Industrial Area, K.R.S Road, Hootagalli-570018, Mysuru Dist, Karnataka. and Published at At NAVAMADHYAMA PRIVATE LIMITED, No-75, 1st Floor, 3rd Cross, 'I'- Block, Kuvempu Nagara, Mysuru - 570023, Mysuru Dist. Karnataka. Editor : NARAYANA. Founder Editor: Late S.S.IYENGAR. RNI No. KRKAN 13407/61.
